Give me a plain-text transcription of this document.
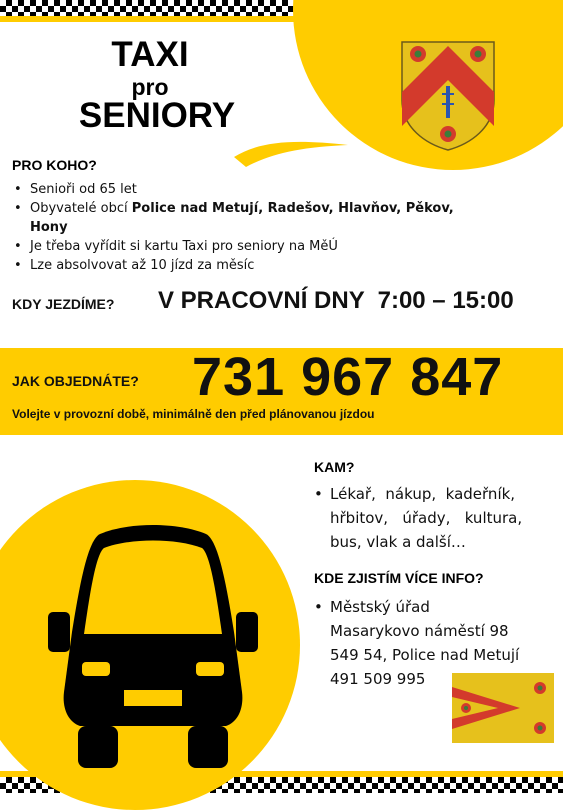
TAXI
pro
SENIORY
PRO KOHO?
• Senioři od 65 let
• Obyvatelé obcí Police nad Metují, Radešov, Hlavňov, Pěkov,
Hony
• Je třeba vyřídit si kartu Taxi pro seniory na MěÚ
• Lze absolvovat až 10 jízd za měsíc
KDY JEZDÍME? V PRACOVNÍ DNY  7:00 – 15:00
JAK OBJEDNÁTE? 731 967 847
Volejte v provozní době, minimálně den před plánovanou jízdou
KAM?
• Lékař,  nákup,  kadeřník,
hřbitov,   úřady,   kultura,
bus, vlak a další…
KDE ZJISTÍM VÍCE INFO?
• Městský úřad
Masarykovo náměstí 98
549 54, Police nad Metují
491 509 995
